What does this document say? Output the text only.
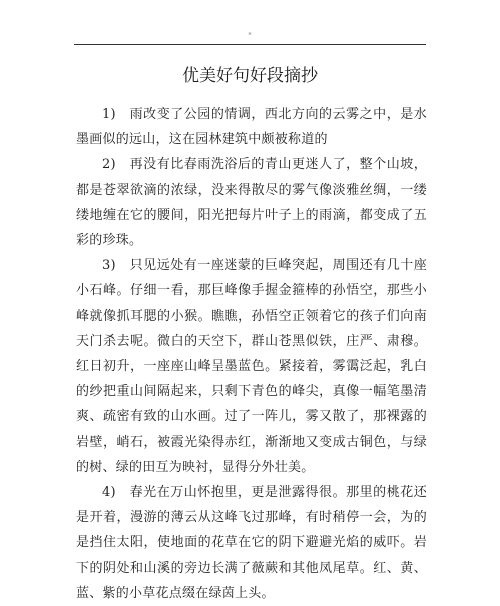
*
优美好句好段摘抄

1)　雨改变了公园的情调，西北方向的云雾之中，是水墨画似的远山，这在园林建筑中颇被称道的

2)　再没有比春雨洗浴后的青山更迷人了，整个山坡，都是苍翠欲滴的浓绿，没来得散尽的雾气像淡雅丝绸，一缕缕地缠在它的腰间，阳光把每片叶子上的雨滴，都变成了五彩的珍珠。

3)　只见远处有一座迷蒙的巨峰突起，周围还有几十座小石峰。仔细一看，那巨峰像手握金箍棒的孙悟空，那些小峰就像抓耳腮的小猴。瞧瞧，孙悟空正领着它的孩子们向南天门杀去呢。微白的天空下，群山苍黑似铁，庄严、肃穆。红日初升，一座座山峰呈墨蓝色。紧接着，雾霭泛起，乳白的纱把重山间隔起来，只剩下青色的峰尖，真像一幅笔墨清爽、疏密有致的山水画。过了一阵儿，雾又散了，那裸露的岩壁，峭石，被霞光染得赤红，渐渐地又变成古铜色，与绿的树、绿的田互为映衬，显得分外壮美。

4)　春光在万山怀抱里，更是泄露得很。那里的桃花还是开着，漫游的薄云从这峰飞过那峰，有时稍停一会，为的是挡住太阳，使地面的花草在它的阴下避避光焰的威吓。岩下的阴处和山溪的旁边长满了薇蕨和其他凤尾草。红、黄、蓝、紫的小草花点缀在绿茵上头。
